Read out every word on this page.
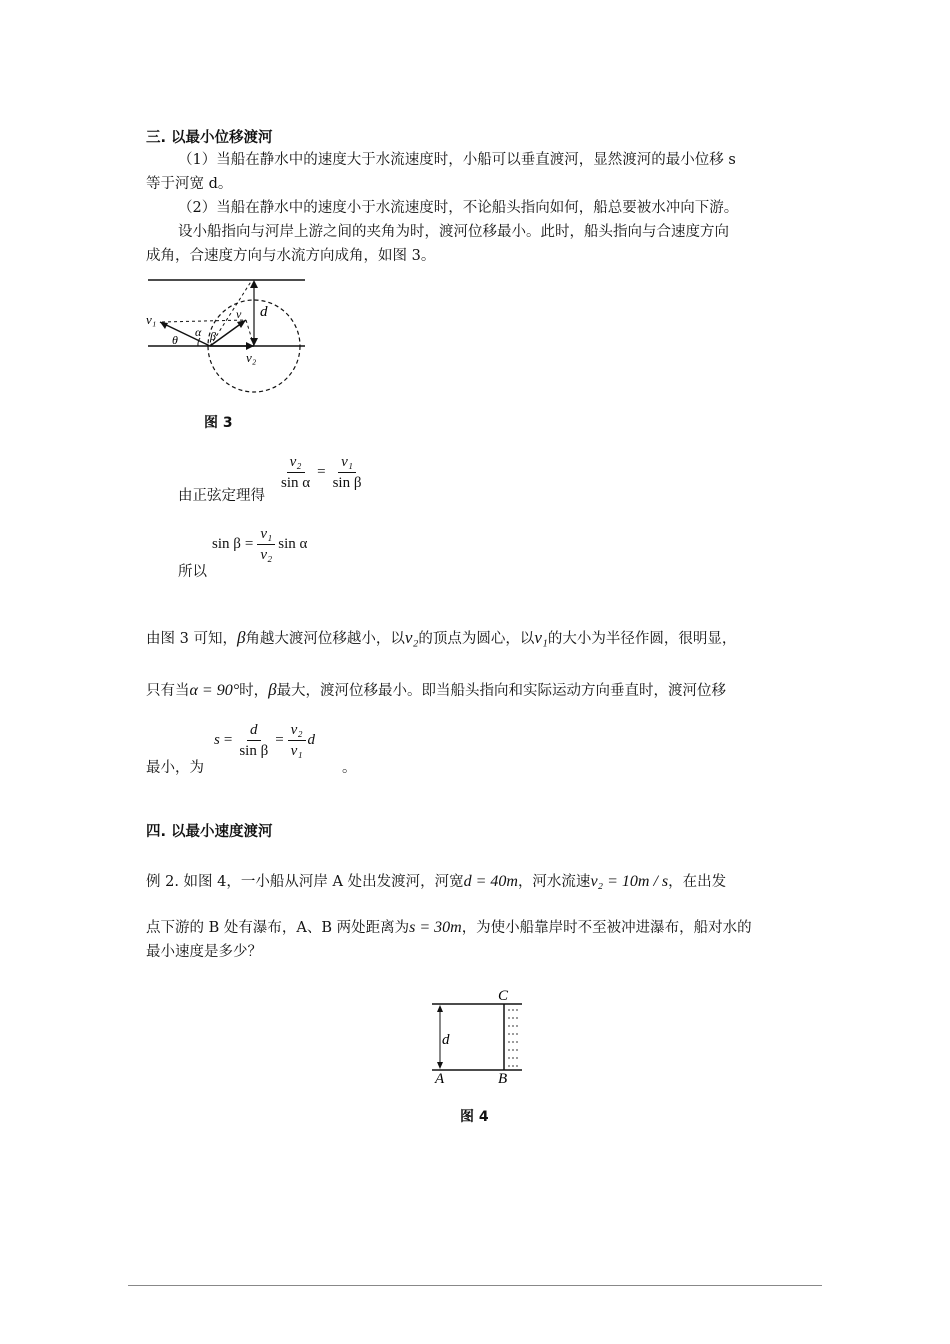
三. 以最小位移渡河
（1）当船在静水中的速度大于水流速度时，小船可以垂直渡河，显然渡河的最小位移 s
等于河宽 d。
（2）当船在静水中的速度小于水流速度时，不论船头指向如何，船总要被水冲向下游。
设小船指向与河岸上游之间的夹角为时，渡河位移最小。此时，船头指向与合速度方向
成角，合速度方向与水流方向成角，如图 3。
v₁	v
α β
θ
d
v₂
图 3
由正弦定理得
$\frac{\text{v₂}}{\text{sin α}} = \frac{\text{v₁}}{\text{sin β}}$
所以
$\sin \beta = \frac{\text{v₁}}{\text{v₂}}$ sin α
由图 3 可知，β角越大渡河位移越小，以v₂的顶点为圆心，以v₁的大小为半径作圆，很明显，
只有当α = 90°时，β最大，渡河位移最小。即当船头指向和实际运动方向垂直时，渡河位移
最小，为
$s = \frac{d}{\text{sin β}} = \frac{\text{v₂}}{\text{v₁}}$ d
。
四. 以最小速度渡河
例 2. 如图 4，一小船从河岸 A 处出发渡河，河宽d = 40m，河水流速v₂ = 10m / s，在出发
点下游的 B 处有瀑布，A、B 两处距离为s = 30m，为使小船靠岸时不至被冲进瀑布，船对水的
最小速度是多少？
C
A	B
d
图 4
